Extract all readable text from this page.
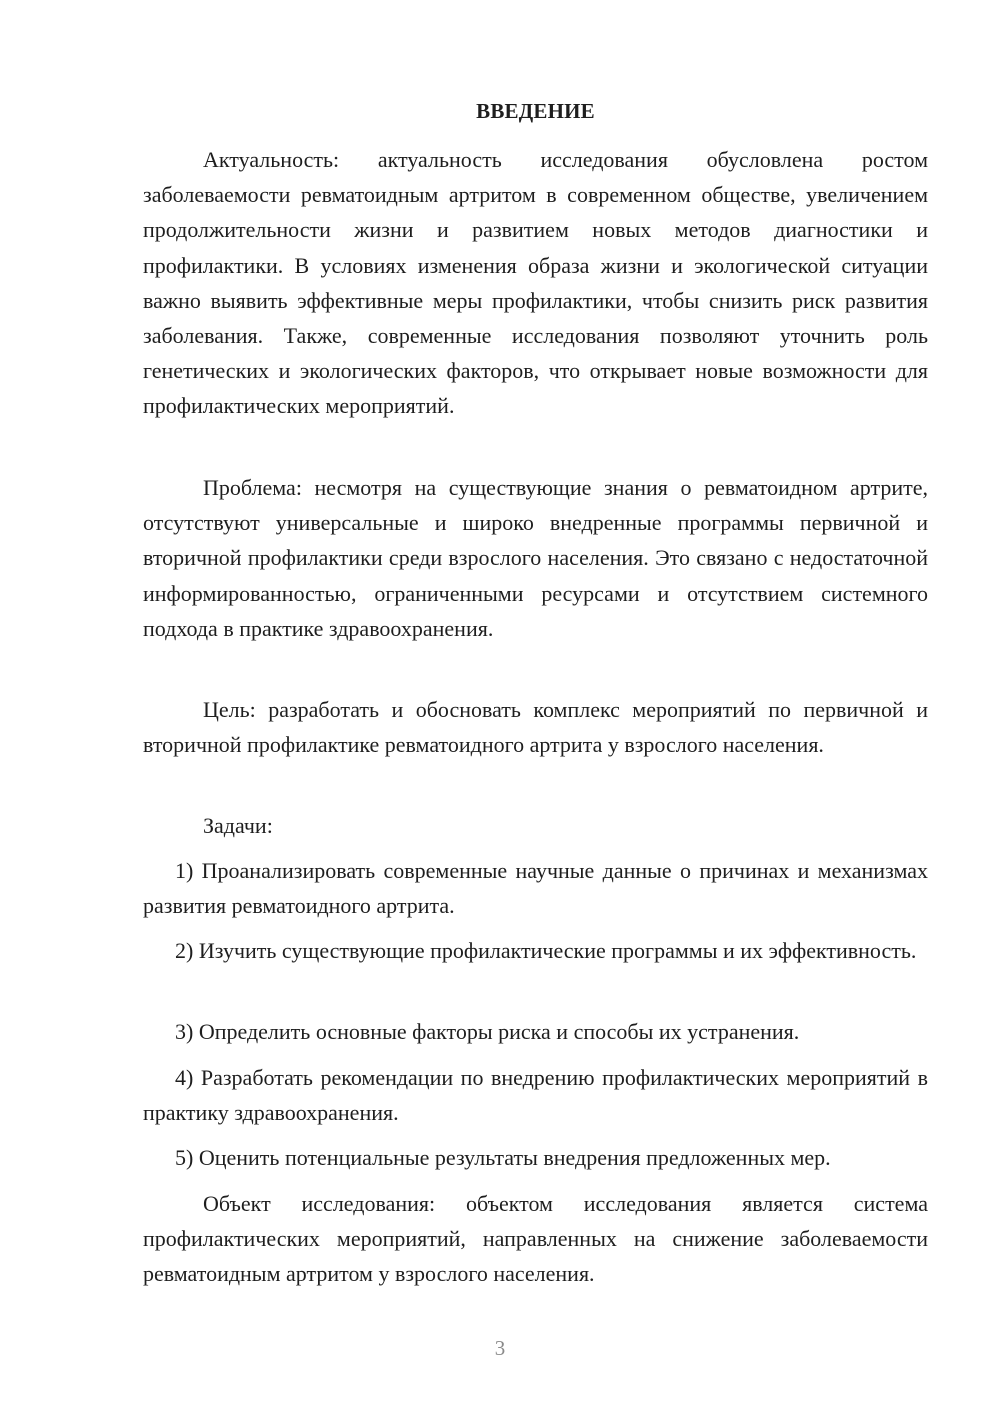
ВВЕДЕНИЕ

Актуальность: актуальность исследования обусловлена ростом заболеваемости ревматоидным артритом в современном обществе, увеличением продолжительности жизни и развитием новых методов диагностики и профилактики. В условиях изменения образа жизни и экологической ситуации важно выявить эффективные меры профилактики, чтобы снизить риск развития заболевания. Также, современные исследования позволяют уточнить роль генетических и экологических факторов, что открывает новые возможности для профилактических мероприятий.

Проблема: несмотря на существующие знания о ревматоидном артрите, отсутствуют универсальные и широко внедренные программы первичной и вторичной профилактики среди взрослого населения. Это связано с недостаточной информированностью, ограниченными ресурсами и отсутствием системного подхода в практике здравоохранения.

Цель: разработать и обосновать комплекс мероприятий по первичной и вторичной профилактике ревматоидного артрита у взрослого населения.

Задачи:

1) Проанализировать современные научные данные о причинах и механизмах развития ревматоидного артрита.

2) Изучить существующие профилактические программы и их эффективность.

3) Определить основные факторы риска и способы их устранения.

4) Разработать рекомендации по внедрению профилактических мероприятий в практику здравоохранения.

5) Оценить потенциальные результаты внедрения предложенных мер.

Объект исследования: объектом исследования является система профилактических мероприятий, направленных на снижение заболеваемости ревматоидным артритом у взрослого населения.

3
